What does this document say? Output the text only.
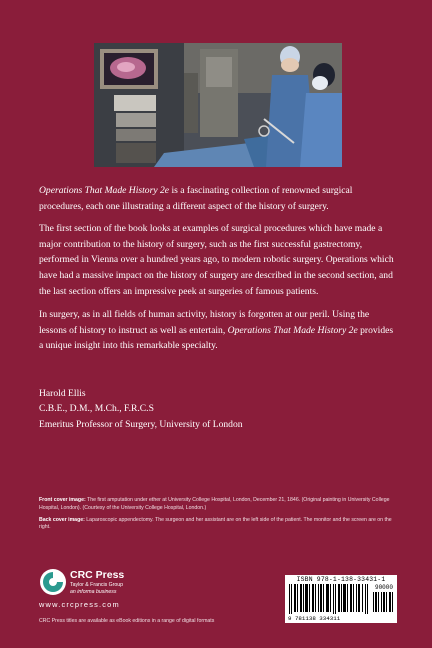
Operations That Made History 2e is a fascinating collection of renowned surgical procedures, each one illustrating a different aspect of the history of surgery.

The first section of the book looks at examples of surgical procedures which have made a major contribution to the history of surgery, such as the first successful gastrectomy, performed in Vienna over a hundred years ago, to modern robotic surgery. Operations which have had a massive impact on the history of surgery are described in the second section, and the last section offers an impressive peek at surgeries of famous patients.

In surgery, as in all fields of human activity, history is forgotten at our peril. Using the lessons of history to instruct as well as entertain, Operations That Made History 2e provides a unique insight into this remarkable specialty.

Harold Ellis
C.B.E., D.M., M.Ch., F.R.C.S
Emeritus Professor of Surgery, University of London
Front cover image: The first amputation under ether at University College Hospital, London, December 21, 1846. (Original painting in University College Hospital, London). (Courtesy of the University College Hospital, London.)
Back cover image: Laparoscopic appendectomy. The surgeon and her assistant are on the left side of the patient. The monitor and the screen are on the right.
CRC Press
Taylor & Francis Group
an informa business
www.crcpress.com
CRC Press titles are available as eBook editions in a range of digital formats
ISBN 978-1-138-33431-1
90000
9 781138 334311
